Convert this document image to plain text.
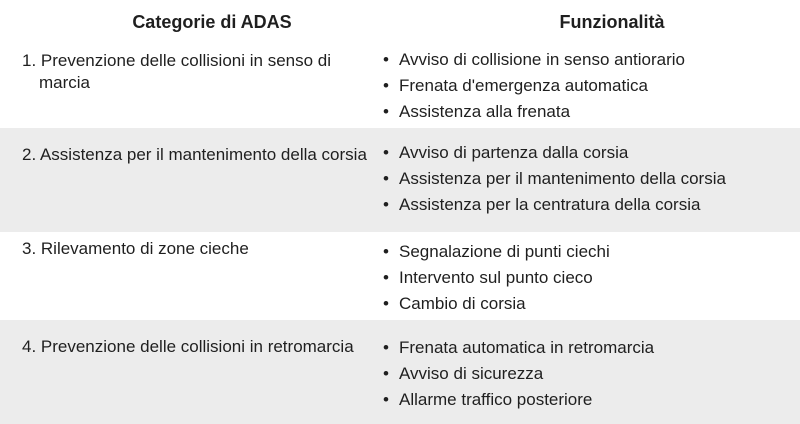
Categorie di ADAS	Funzionalità
1. Prevenzione delle collisioni in senso di marcia
• Avviso di collisione in senso antiorario
• Frenata d'emergenza automatica
• Assistenza alla frenata
2. Assistenza per il mantenimento della corsia • Avviso di partenza dalla corsia
• Assistenza per il mantenimento della corsia
• Assistenza per la centratura della corsia
3. Rilevamento di zone cieche	• Segnalazione di punti ciechi
• Intervento sul punto cieco
• Cambio di corsia
4. Prevenzione delle collisioni in retromarcia	• Frenata automatica in retromarcia
• Avviso di sicurezza
• Allarme traffico posteriore
